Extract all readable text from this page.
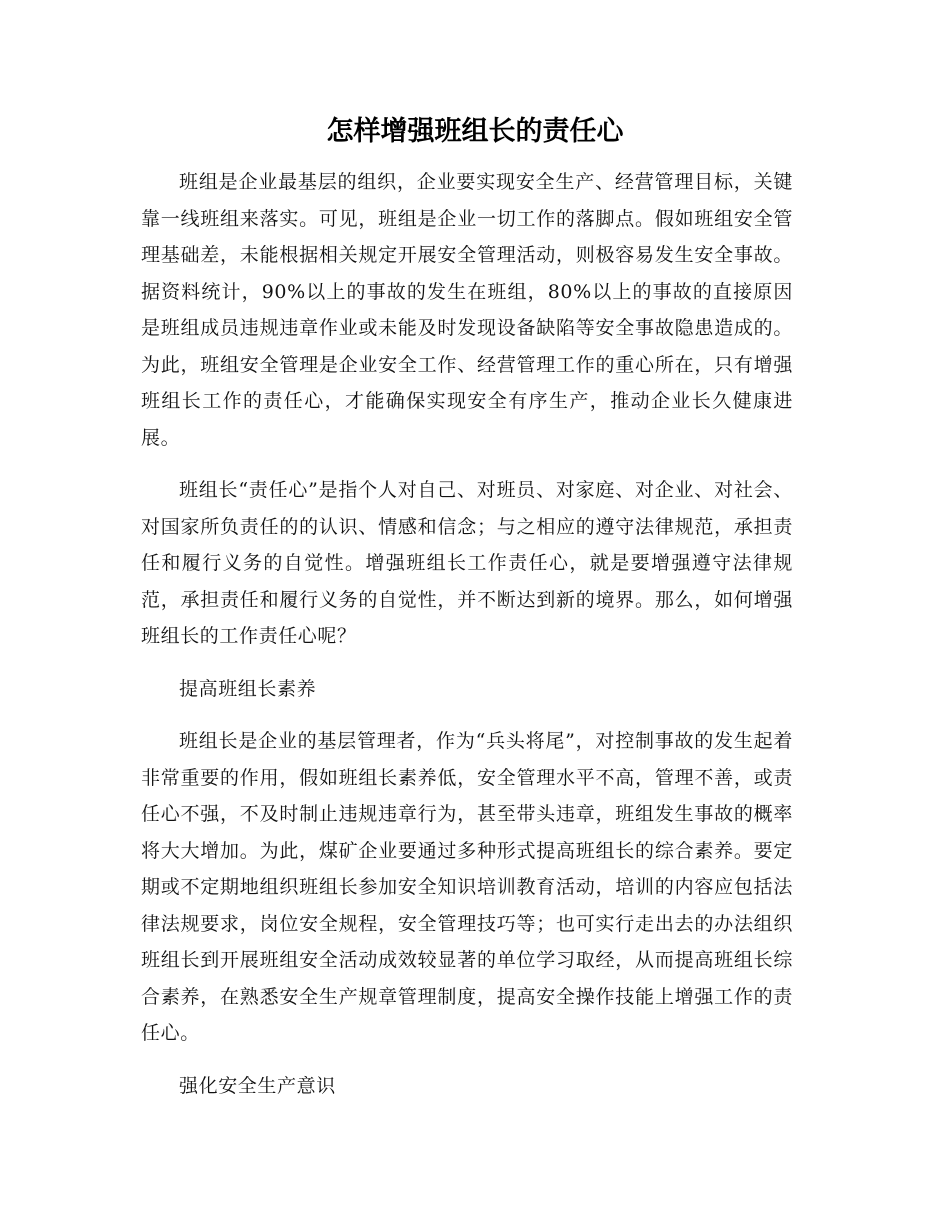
怎样增强班组长的责任心

班组是企业最基层的组织，企业要实现安全生产、经营管理目标，关键靠一线班组来落实。可见，班组是企业一切工作的落脚点。假如班组安全管理基础差，未能根据相关规定开展安全管理活动，则极容易发生安全事故。据资料统计，90%以上的事故的发生在班组，80%以上的事故的直接原因是班组成员违规违章作业或未能及时发现设备缺陷等安全事故隐患造成的。为此，班组安全管理是企业安全工作、经营管理工作的重心所在，只有增强班组长工作的责任心，才能确保实现安全有序生产，推动企业长久健康进展。

班组长“责任心”是指个人对自己、对班员、对家庭、对企业、对社会、对国家所负责任的的认识、情感和信念；与之相应的遵守法律规范，承担责任和履行义务的自觉性。增强班组长工作责任心，就是要增强遵守法律规范，承担责任和履行义务的自觉性，并不断达到新的境界。那么，如何增强班组长的工作责任心呢？

提高班组长素养

班组长是企业的基层管理者，作为“兵头将尾”，对控制事故的发生起着非常重要的作用，假如班组长素养低，安全管理水平不高，管理不善，或责任心不强，不及时制止违规违章行为，甚至带头违章，班组发生事故的概率将大大增加。为此，煤矿企业要通过多种形式提高班组长的综合素养。要定期或不定期地组织班组长参加安全知识培训教育活动，培训的内容应包括法律法规要求，岗位安全规程，安全管理技巧等；也可实行走出去的办法组织班组长到开展班组安全活动成效较显著的单位学习取经，从而提高班组长综合素养，在熟悉安全生产规章管理制度，提高安全操作技能上增强工作的责任心。

强化安全生产意识
